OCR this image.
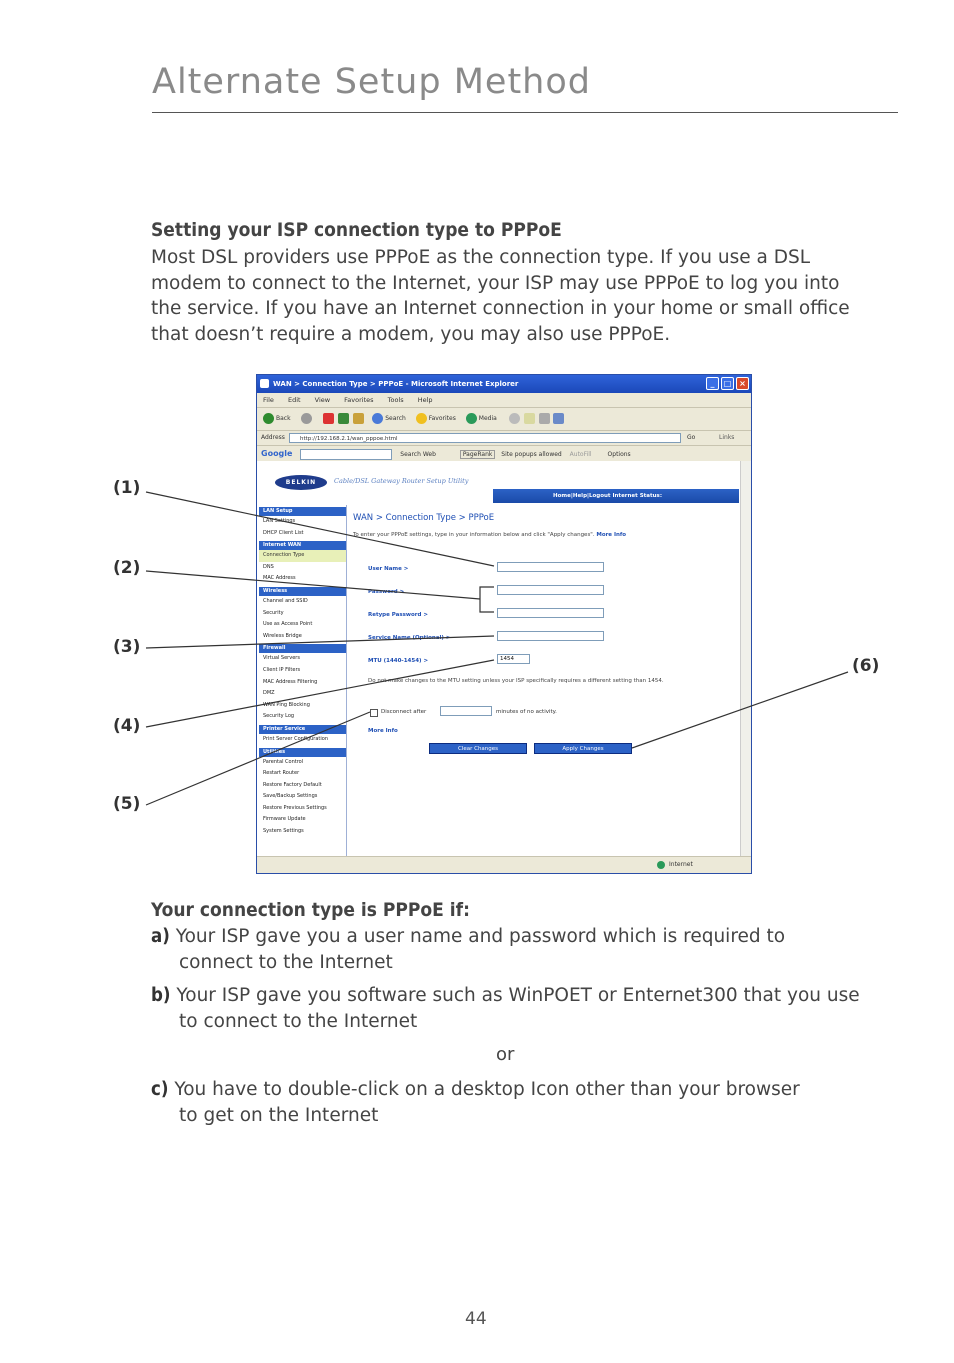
Alternate Setup Method
Setting your ISP connection type to PPPoE
Most DSL providers use PPPoE as the connection type. If you use a DSL modem to connect to the Internet, your ISP may use PPPoE to log you into the service. If you have an Internet connection in your home or small office that doesn’t require a modem, you may also use PPPoE.
(1)
(2)
(3)
(4)
(5)
(6)
WAN > Connection Type > PPPoE - Microsoft Internet Explorer	_	□ ×
File Edit View Favorites Tools Help
Back	Search	Favorites	Media
Address	http://192.168.2.1/wan_pppoe.html	Go	Links
Google	Search Web	PageRank Site popups allowed AutoFill	Options
BELKIN	Cable/DSL Gateway Router Setup Utility
Home|Help|Logout Internet Status:
LAN Setup
LAN Settings
DHCP Client List
Internet WAN
Connection Type
DNS
MAC Address
Wireless
Channel and SSID
Security
Use as Access Point
Wireless Bridge
Firewall
Virtual Servers
Client IP Filters
MAC Address Filtering
DMZ
WAN Ping Blocking
Security Log
Printer Service
Print Server Configuration
Utilities
Parental Control
Restart Router
Restore Factory Default
Save/Backup Settings
Restore Previous Settings
Firmware Update
System Settings
WAN > Connection Type > PPPoE
To enter your PPPoE settings, type in your information below and click "Apply changes". More Info
User Name >
Password >
Retype Password >
Service Name (Optional) >
MTU (1440-1454) >	1454
Do not make changes to the MTU setting unless your ISP specifically requires a different setting than 1454.
Disconnect after	minutes of no activity.
More Info
Clear Changes	Apply Changes
Internet
Your connection type is PPPoE if:
a) Your ISP gave you a user name and password which is required to connect to the Internet
b) Your ISP gave you software such as WinPOET or Enternet300 that you use to connect to the Internet
or
c) You have to double-click on a desktop Icon other than your browser to get on the Internet
44
